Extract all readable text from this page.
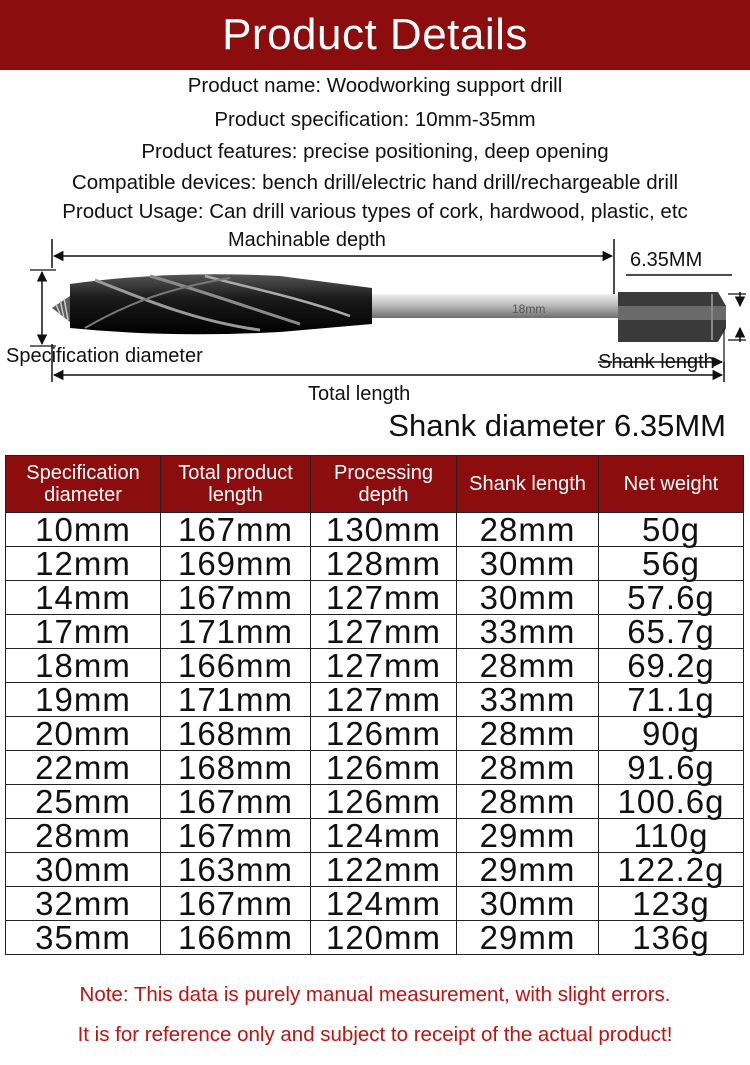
Product Details
Product name: Woodworking support drill
Product specification: 10mm-35mm
Product features: precise positioning, deep opening
Compatible devices: bench drill/electric hand drill/rechargeable drill
Product Usage: Can drill various types of cork, hardwood, plastic, etc
18mm
Machinable depth
6.35MM
Specification diameter	Shank length
Total length
Shank diameter 6.35MM
Specification diameter	Total product length	Processing depth	Shank length	Net weight
10mm	167mm	130mm	28mm	50g
12mm	169mm	128mm	30mm	56g
14mm	167mm	127mm	30mm	57.6g
17mm	171mm	127mm	33mm	65.7g
18mm	166mm	127mm	28mm	69.2g
19mm	171mm	127mm	33mm	71.1g
20mm	168mm	126mm	28mm	90g
22mm	168mm	126mm	28mm	91.6g
25mm	167mm	126mm	28mm	100.6g
28mm	167mm	124mm	29mm	110g
30mm	163mm	122mm	29mm	122.2g
32mm	167mm	124mm	30mm	123g
35mm	166mm	120mm	29mm	136g
Note: This data is purely manual measurement, with slight errors.
It is for reference only and subject to receipt of the actual product!
